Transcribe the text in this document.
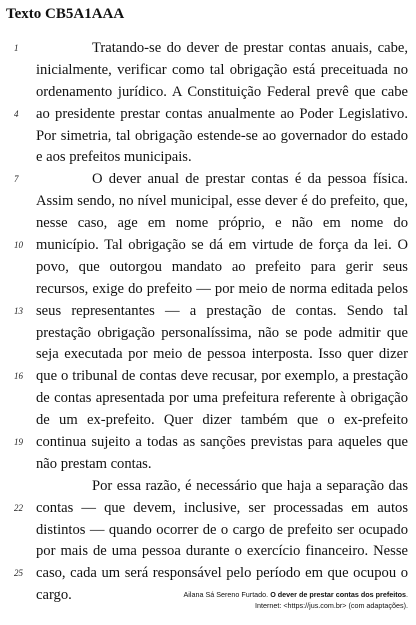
Texto CB5A1AAA
1	Tratando-se do dever de prestar contas anuais, cabe,
inicialmente, verificar como tal obrigação está preceituada no
ordenamento jurídico. A Constituição Federal prevê que cabe
4	ao presidente prestar contas anualmente ao Poder Legislativo.
Por simetria, tal obrigação estende-se ao governador do estado
e aos prefeitos municipais.
7	O dever anual de prestar contas é da pessoa física.
Assim sendo, no nível municipal, esse dever é do prefeito, que,
nesse caso, age em nome próprio, e não em nome do
10 município. Tal obrigação se dá em virtude de força da lei. O
povo, que outorgou mandato ao prefeito para gerir seus
recursos, exige do prefeito — por meio de norma editada pelos
13 seus representantes — a prestação de contas. Sendo tal
prestação obrigação personalíssima, não se pode admitir que
seja executada por meio de pessoa interposta. Isso quer dizer
16 que o tribunal de contas deve recusar, por exemplo, a prestação
de contas apresentada por uma prefeitura referente à obrigação
de um ex-prefeito. Quer dizer também que o ex-prefeito
19 continua sujeito a todas as sanções previstas para aqueles que
não prestam contas.
Por essa razão, é necessário que haja a separação das
22 contas — que devem, inclusive, ser processadas em autos
distintos — quando ocorrer de o cargo de prefeito ser ocupado
por mais de uma pessoa durante o exercício financeiro. Nesse
25 caso, cada um será responsável pelo período em que ocupou o
cargo.	Ailana Sá Sereno Furtado. O dever de prestar contas dos prefeitos. Internet: <https://jus.com.br> (com adaptações).
